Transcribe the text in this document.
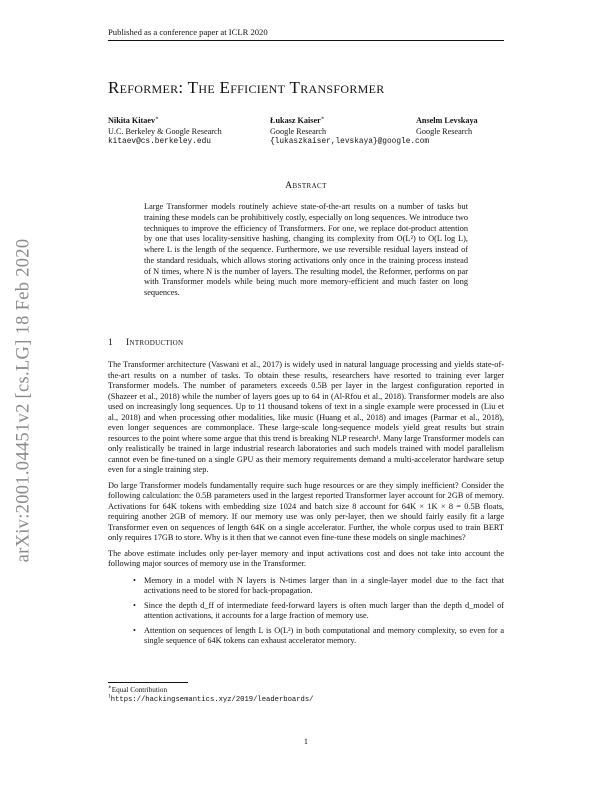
Published as a conference paper at ICLR 2020
arXiv:2001.04451v2 [cs.LG] 18 Feb 2020
Reformer: The Efficient Transformer
Nikita Kitaev∗
U.C. Berkeley & Google Research
kitaev@cs.berkeley.edu
Łukasz Kaiser∗
Google Research
{lukaszkaiser,levskaya}@google.com
Anselm Levskaya
Google Research
Abstract
Large Transformer models routinely achieve state-of-the-art results on a number of tasks but training these models can be prohibitively costly, especially on long sequences. We introduce two techniques to improve the efficiency of Transformers. For one, we replace dot-product attention by one that uses locality-sensitive hashing, changing its complexity from O(L²) to O(L log L), where L is the length of the sequence. Furthermore, we use reversible residual layers instead of the standard residuals, which allows storing activations only once in the training process instead of N times, where N is the number of layers. The resulting model, the Reformer, performs on par with Transformer models while being much more memory-efficient and much faster on long sequences.
1 Introduction

The Transformer architecture (Vaswani et al., 2017) is widely used in natural language processing and yields state-of-the-art results on a number of tasks. To obtain these results, researchers have resorted to training ever larger Transformer models. The number of parameters exceeds 0.5B per layer in the largest configuration reported in (Shazeer et al., 2018) while the number of layers goes up to 64 in (Al-Rfou et al., 2018). Transformer models are also used on increasingly long sequences. Up to 11 thousand tokens of text in a single example were processed in (Liu et al., 2018) and when processing other modalities, like music (Huang et al., 2018) and images (Parmar et al., 2018), even longer sequences are commonplace. These large-scale long-sequence models yield great results but strain resources to the point where some argue that this trend is breaking NLP research¹. Many large Transformer models can only realistically be trained in large industrial research laboratories and such models trained with model parallelism cannot even be fine-tuned on a single GPU as their memory requirements demand a multi-accelerator hardware setup even for a single training step.

Do large Transformer models fundamentally require such huge resources or are they simply inefficient? Consider the following calculation: the 0.5B parameters used in the largest reported Transformer layer account for 2GB of memory. Activations for 64K tokens with embedding size 1024 and batch size 8 account for 64K × 1K × 8 = 0.5B floats, requiring another 2GB of memory. If our memory use was only per-layer, then we should fairly easily fit a large Transformer even on sequences of length 64K on a single accelerator. Further, the whole corpus used to train BERT only requires 17GB to store. Why is it then that we cannot even fine-tune these models on single machines?

The above estimate includes only per-layer memory and input activations cost and does not take into account the following major sources of memory use in the Transformer.

• Memory in a model with N layers is N-times larger than in a single-layer model due to the fact that activations need to be stored for back-propagation.
• Since the depth d_ff of intermediate feed-forward layers is often much larger than the depth d_model of attention activations, it accounts for a large fraction of memory use.
• Attention on sequences of length L is O(L²) in both computational and memory complexity, so even for a single sequence of 64K tokens can exhaust accelerator memory.
∗Equal Contribution
$^1$https://hackingsemantics.xyz/2019/leaderboards/
1
